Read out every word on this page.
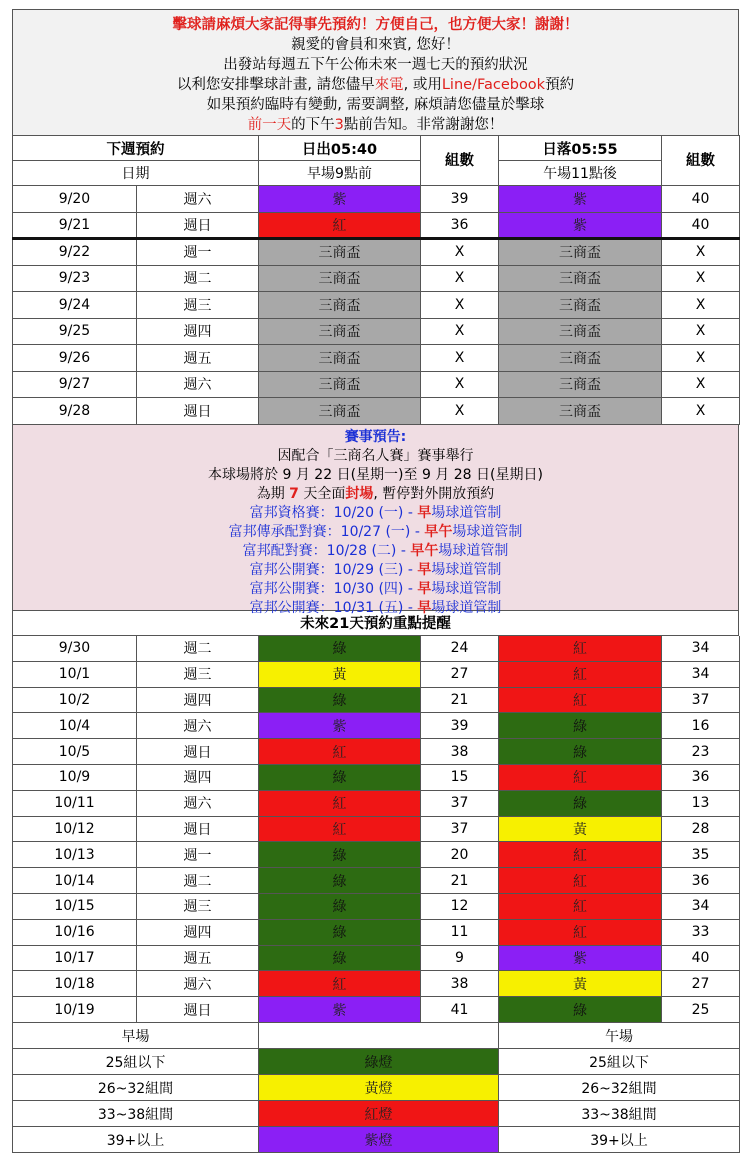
擊球請麻煩大家記得事先預約！方便自己，也方便大家！謝謝！
親愛的會員和來賓, 您好！
出發站每週五下午公佈未來一週七天的預約狀況
以利您安排擊球計畫, 請您儘早來電, 或用Line/Facebook預約
如果預約臨時有變動, 需要調整, 麻煩請您儘量於擊球
前一天的下午3點前告知。非常謝謝您！
下週預約		日出05:40	組數	日落05:55	組數
日期		早場9點前		午場11點後	
9/20	週六	紫	39	紫	40
9/21	週日	紅	36	紫	40
9/22	週一	三商盃	X	三商盃	X
9/23	週二	三商盃	X	三商盃	X
9/24	週三	三商盃	X	三商盃	X
9/25	週四	三商盃	X	三商盃	X
9/26	週五	三商盃	X	三商盃	X
9/27	週六	三商盃	X	三商盃	X
9/28	週日	三商盃	X	三商盃	X
賽事預告:
因配合「三商名人賽」賽事舉行
本球場將於 9 月 22 日(星期一)至 9 月 28 日(星期日)
為期 7 天全面封場, 暫停對外開放預約
富邦資格賽：10/20 (一) - 早場球道管制
富邦傳承配對賽：10/27 (一) - 早午場球道管制
富邦配對賽：10/28 (二) - 早午場球道管制
富邦公開賽：10/29 (三) - 早場球道管制
富邦公開賽：10/30 (四) - 早場球道管制
富邦公開賽：10/31 (五) - 早場球道管制
未來21天預約重點提醒
9/30	週二	綠	24	紅	34
10/1	週三	黃	27	紅	34
10/2	週四	綠	21	紅	37
10/4	週六	紫	39	綠	16
10/5	週日	紅	38	綠	23
10/9	週四	綠	15	紅	36
10/11	週六	紅	37	綠	13
10/12	週日	紅	37	黃	28
10/13	週一	綠	20	紅	35
10/14	週二	綠	21	紅	36
10/15	週三	綠	12	紅	34
10/16	週四	綠	11	紅	33
10/17	週五	綠	9	紫	40
10/18	週六	紅	38	黃	27
10/19	週日	紫	41	綠	25
早場		午場
25組以下	綠燈	25組以下
26~32組間	黃燈	26~32組間
33~38組間	紅燈	33~38組間
39+以上	紫燈	39+以上
